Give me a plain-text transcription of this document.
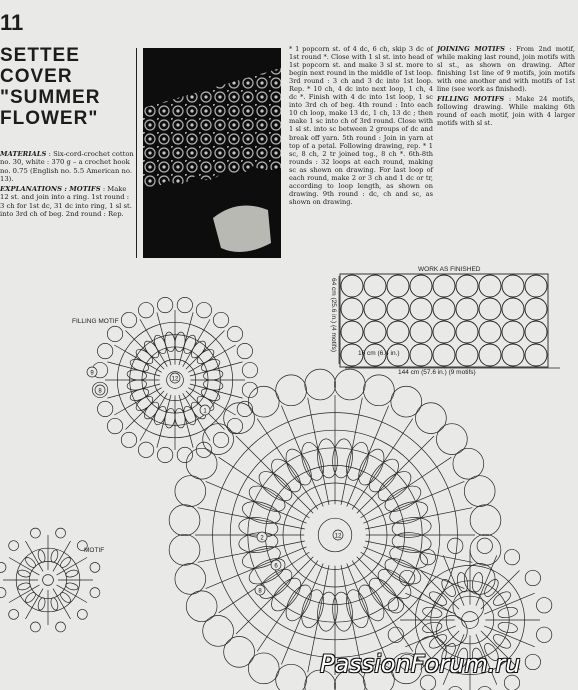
11
SETTEE
COVER
"SUMMER
FLOWER"

MATERIALS : Six-cord-crochet cotton no. 30, white : 370 g – a crochet hook no. 0.75 (English no. 5.5 American no. 13).

EXPLANATIONS : MOTIFS : Make 12 st. and join into a ring. 1st round : 3 ch for 1st dc, 31 dc into ring, 1 sl st. into 3rd ch of beg. 2nd round : Rep.

* 1 popcorn st. of 4 dc, 6 ch, skip 3 dc of 1st round *. Close with 1 sl st. into head of 1st popcorn st. and make 3 sl st. more to begin next round in the middle of 1st loop. 3rd round : 3 ch and 3 dc into 1st loop. Rep. * 10 ch, 4 dc into next loop, 1 ch, 4 dc *. Finish with 4 dc into 1st loop, 1 sc into 3rd ch of beg. 4th round : Into each 10 ch loop, make 13 dc, 1 ch, 13 dc ; then make 1 sc into ch of 3rd round. Close with 1 sl st. into sc between 2 groups of dc and break off yarn. 5th round : Join in yarn at top of a petal. Following drawing, rep. * 1 sc, 8 ch, 2 tr joined tog., 8 ch *. 6th-8th rounds : 32 loops at each round, making sc as shown on drawing. For last loop of each round, make 2 or 3 ch and 1 dc or tr, according to loop length, as shown on drawing. 9th round : dc, ch and sc, as shown on drawing.

JOINING MOTIFS : From 2nd motif, while making last round, join motifs with sl st., as shown on drawing. After finishing 1st line of 9 motifs, join motifs with one another and with motifs of 1st line (see work as finished).

FILLING MOTIFS : Make 24 motifs, following drawing. While making 6th round of each motif, join with 4 larger motifs with sl st.

9
8
12
1
2	12
6
8
WORK AS FINISHED
144 cm (57.6 in.) (9 motifs)
64 cm (25.6 in.) (4 motifs)
16 cm (6.4 in.)
FILLING MOTIF
MOTIF
PassionForum.ru
